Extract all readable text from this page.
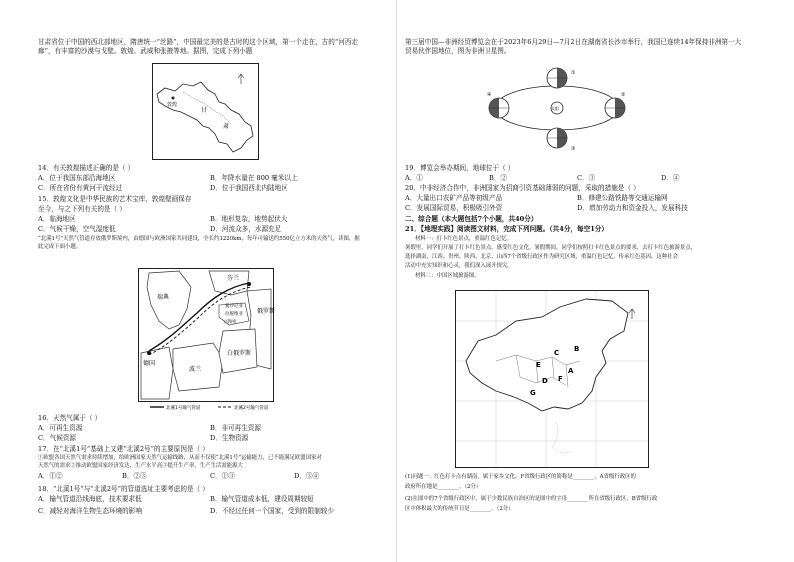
甘肃省位于中国的西北部地区，隋唐统一“丝路”，中国最完美的是古时的这个区域，第一个走在，古的“河西走廊”，有丰富的沙漠与戈壁。敦煌、武威和张掖等地。据图，完成下列小题
敦煌
甘
肃
14．有关敦煌描述正确的是（ ）
A．位于我国东部沿海地区	B．年降水量在 800 毫米以上
C．所在省份有黄河干流经过	D．位于我国西北内陆地区
15．敦煌文化是中华民族的艺术宝库，敦煌壁画保存
至今，与之下列有关的是（ ）
A．临海地区	B．地形复杂，地势起伏大
C．气候干燥，空气湿度低	D．河流众多，水源充足
“北溪1号”天然气管道存放俄罗斯境内，由德国与欧洲国家共同建设，全长约1220km，每年可输送约550亿立方米的天然气，读图，据此完成下面小题。
瑞典
芬兰
俄罗斯
德国
波兰
白俄罗斯
立陶宛
拉脱维亚
爱沙尼亚
北溪1号输气管道	北溪2号输气管道
16．天然气属于（ ）
A．可再生资源	B．非可再生资源
C．气候资源	D．生物资源
17．在“北溪1号”基础上又建“北溪2号”的主要原因是（ ）
①欧盟各国天然气需求持续增加，给欧洲国家天然气运输线路，从而不仅使“北溪1号”运输能力，已不能满足欧盟国家对
天然气的需求②推动欧盟国家经济发达，生产水平高③提升生产率，生产生活需能源大
A．①②	B．②③	C．①③	D．③④
18．“北溪1号”与“北溪2号”的管道选址主要考虑的是（ ）
A．输气管道沿线海底，技术要求低	B．输气管道成本低，建设周期较短
C．减轻对海洋生物生态环境的影响	D．不经过任何一个国家，受到的限制较少
第三届中国—非洲经贸博览会在于2023年6月29日—7月2日在湖南省长沙市举行，我国已连续14年保持非洲第一大贸易伙伴国地位，图为非洲卫星图。
太阳
①
②
③
④
19．博览会举办期间，地球位于（ ）
A．①	B．②	C．③	D．④
20．中非经济合作中，非洲国家为招商引资基础薄弱的问题，采取的措施是（ ）
A．大量出口农矿产品等初级产品	B．修建公路铁路等交通运输网
C．发展国际贸易，积极吸引外资	D．增加劳动力和资金投入，发展科技
二、综合题（本大题包括7个小题，共40分）
21．【地理实践】阅读图文材料，完成下列问题。（共4分，每空1分）
材料一：打卡红色景点，重温红色记忆。
暑假里，同学们开展了打卡红色景点，感受红色文化。暑假期间，同学们按照打卡红色景点的要求，去打卡红色旅游景点，
选择湖南、江西、贵州、陕西、北京、山西7个省级行政区作为研究区域，重温红色记忆，传承红色基因，这种社会
活动中充实知识和心灵，我们深入展开探究。
材料二：中国区域旅游图。
B
C
E
A
F
D
G
(1)问题一：红色打卡点有湖南，属于家乡文化，F省级行政区的简称是________，A省级行政区的
政府所在地是________。（2分）
(2)在图中的7个省级行政区中，属于少数民族自治区的是图中的字母________所在省级行政区，B省级行政
区中体积最大的传统节日是________。（2分）
